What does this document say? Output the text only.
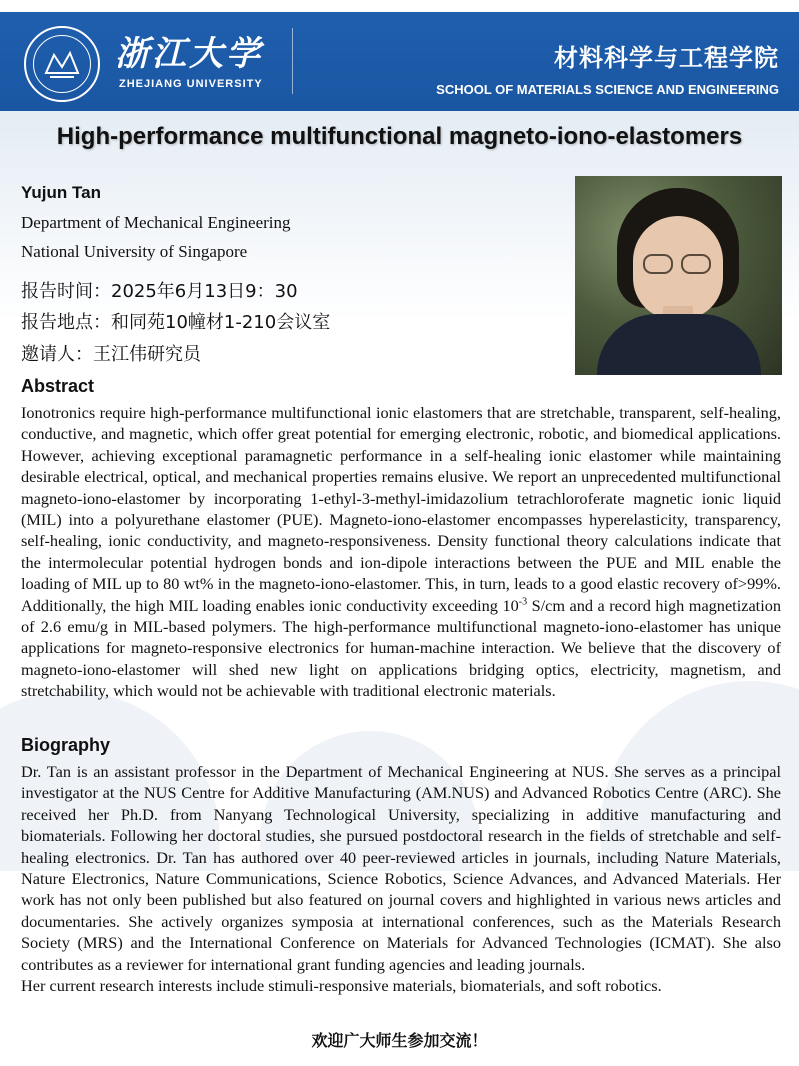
浙江大学
ZHEJIANG UNIVERSITY
材料科学与工程学院
SCHOOL OF MATERIALS SCIENCE AND ENGINEERING
High-performance multifunctional magneto-iono-elastomers
Yujun Tan
Department of Mechanical Engineering
National University of Singapore
报告时间：2025年6月13日9：30
报告地点：和同苑10幢材1-210会议室
邀请人：王江伟研究员
Abstract
Ionotronics require high-performance multifunctional ionic elastomers that are stretchable, transparent, self-healing, conductive, and magnetic, which offer great potential for emerging electronic, robotic, and biomedical applications. However, achieving exceptional paramagnetic performance in a self-healing ionic elastomer while maintaining desirable electrical, optical, and mechanical properties remains elusive. We report an unprecedented multifunctional magneto-iono-elastomer by incorporating 1-ethyl-3-methyl-imidazolium tetrachloroferate magnetic ionic liquid (MIL) into a polyurethane elastomer (PUE). Magneto-iono-elastomer encompasses hyperelasticity, transparency, self-healing, ionic conductivity, and magneto-responsiveness. Density functional theory calculations indicate that the intermolecular potential hydrogen bonds and ion-dipole interactions between the PUE and MIL enable the loading of MIL up to 80 wt% in the magneto-iono-elastomer. This, in turn, leads to a good elastic recovery of>99%. Additionally, the high MIL loading enables ionic conductivity exceeding $10^{-3}$ S/cm and a record high magnetization of 2.6 emu/g in MIL-based polymers. The high-performance multifunctional magneto-iono-elastomer has unique applications for magneto-responsive electronics for human-machine interaction. We believe that the discovery of magneto-iono-elastomer will shed new light on applications bridging optics, electricity, magnetism, and stretchability, which would not be achievable with traditional electronic materials.
Biography
Dr. Tan is an assistant professor in the Department of Mechanical Engineering at NUS. She serves as a principal investigator at the NUS Centre for Additive Manufacturing (AM.NUS) and Advanced Robotics Centre (ARC). She received her Ph.D. from Nanyang Technological University, specializing in additive manufacturing and biomaterials. Following her doctoral studies, she pursued postdoctoral research in the fields of stretchable and self-healing electronics. Dr. Tan has authored over 40 peer-reviewed articles in journals, including Nature Materials, Nature Electronics, Nature Communications, Science Robotics, Science Advances, and Advanced Materials. Her work has not only been published but also featured on journal covers and highlighted in various news articles and documentaries. She actively organizes symposia at international conferences, such as the Materials Research Society (MRS) and the International Conference on Materials for Advanced Technologies (ICMAT). She also contributes as a reviewer for international grant funding agencies and leading journals.
Her current research interests include stimuli-responsive materials, biomaterials, and soft robotics.
欢迎广大师生参加交流！
